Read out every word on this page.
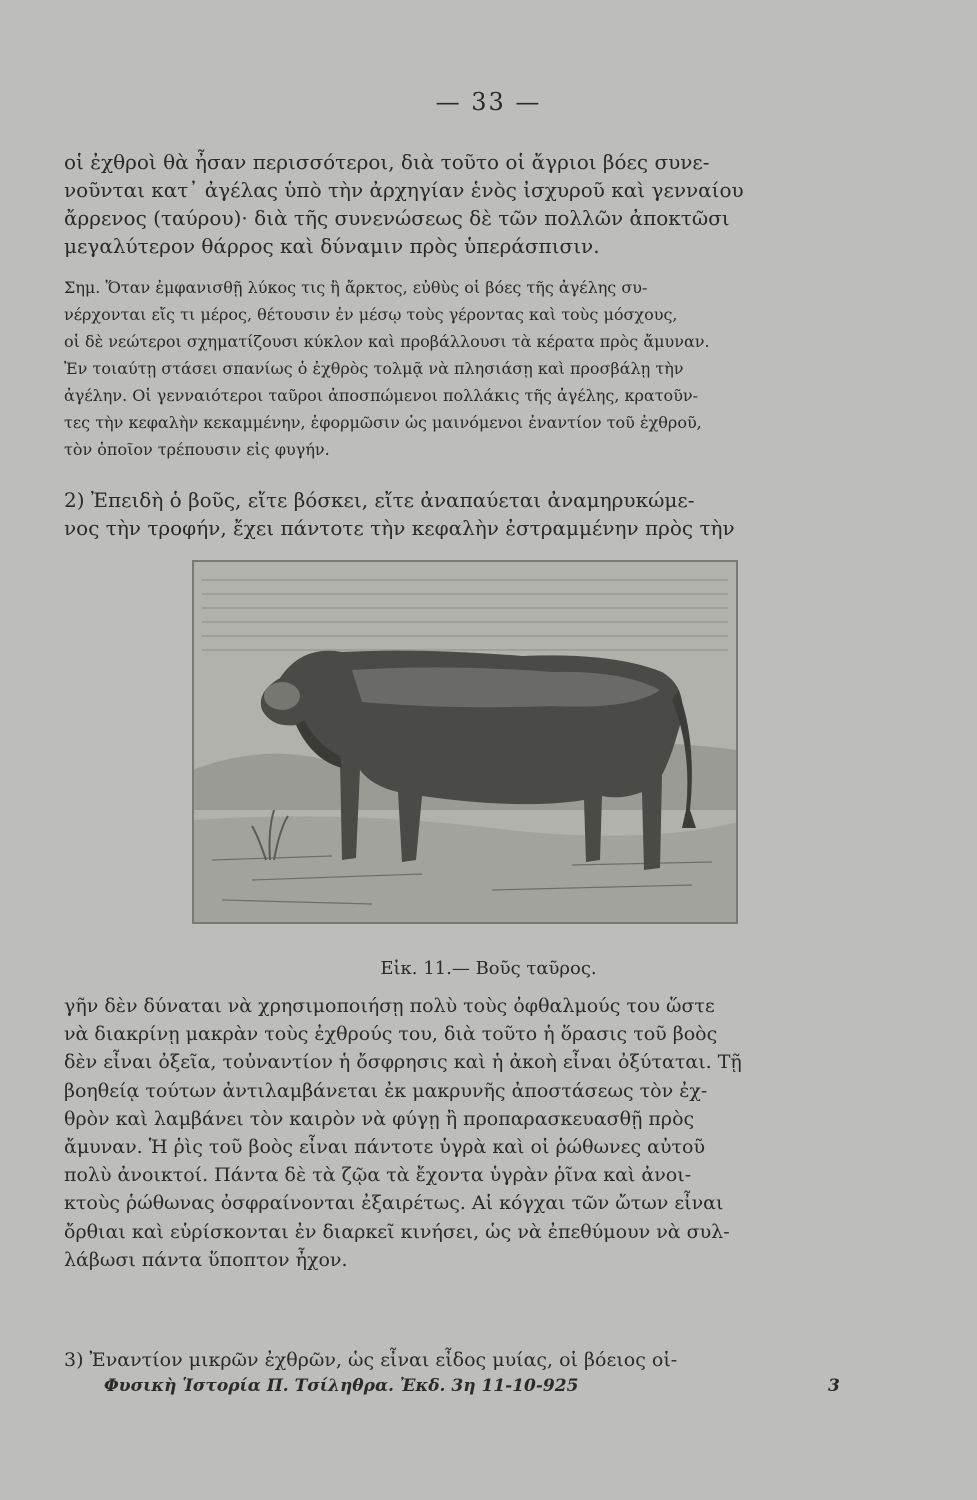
— 33 —
οἱ ἐχθροὶ θὰ ἦσαν περισσότεροι, διὰ τοῦτο οἱ ἄγριοι βόες συνε-
νοῦνται κατ᾽ ἀγέλας ὑπὸ τὴν ἀρχηγίαν ἑνὸς ἰσχυροῦ καὶ γενναίου
ἄρρενος (ταύρου)· διὰ τῆς συνενώσεως δὲ τῶν πολλῶν ἀποκτῶσι
μεγαλύτερον θάρρος καὶ δύναμιν πρὸς ὑπεράσπισιν.
Σημ. Ὅταν ἐμφανισθῇ λύκος τις ἢ ἄρκτος, εὐθὺς οἱ βόες τῆς ἀγέλης συ-
νέρχονται εἴς τι μέρος, θέτουσιν ἐν μέσῳ τοὺς γέροντας καὶ τοὺς μόσχους,
οἱ δὲ νεώτεροι σχηματίζουσι κύκλον καὶ προβάλλουσι τὰ κέρατα πρὸς ἄμυναν.
Ἐν τοιαύτῃ στάσει σπανίως ὁ ἐχθρὸς τολμᾷ νὰ πλησιάσῃ καὶ προσβάλῃ τὴν
ἀγέλην. Οἱ γενναιότεροι ταῦροι ἀποσπώμενοι πολλάκις τῆς ἀγέλης, κρατοῦν-
τες τὴν κεφαλὴν κεκαμμένην, ἐφορμῶσιν ὡς μαινόμενοι ἐναντίον τοῦ ἐχθροῦ,
τὸν ὁποῖον τρέπουσιν εἰς φυγήν.
2) Ἐπειδὴ ὁ βοῦς, εἴτε βόσκει, εἴτε ἀναπαύεται ἀναμηρυκώμε-
νος τὴν τροφήν, ἔχει πάντοτε τὴν κεφαλὴν ἐστραμμένην πρὸς τὴν
Εἰκ. 11.— Βοῦς ταῦρος.
γῆν δὲν δύναται νὰ χρησιμοποιήσῃ πολὺ τοὺς ὀφθαλμούς του ὥστε
νὰ διακρίνῃ μακρὰν τοὺς ἐχθρούς του, διὰ τοῦτο ἡ ὅρασις τοῦ βοὸς
δὲν εἶναι ὀξεῖα, τοὐναντίον ἡ ὄσφρησις καὶ ἡ ἀκοὴ εἶναι ὀξύταται. Τῇ
βοηθείᾳ τούτων ἀντιλαμβάνεται ἐκ μακρυνῆς ἀποστάσεως τὸν ἐχ-
θρὸν καὶ λαμβάνει τὸν καιρὸν νὰ φύγῃ ἢ προπαρασκευασθῇ πρὸς
ἄμυναν. Ἡ ῥὶς τοῦ βοὸς εἶναι πάντοτε ὑγρὰ καὶ οἱ ῥώθωνες αὐτοῦ
πολὺ ἀνοικτοί. Πάντα δὲ τὰ ζῷα τὰ ἔχοντα ὑγρὰν ῥῖνα καὶ ἀνοι-
κτοὺς ῥώθωνας ὀσφραίνονται ἐξαιρέτως. Αἱ κόγχαι τῶν ὤτων εἶναι
ὄρθιαι καὶ εὑρίσκονται ἐν διαρκεῖ κινήσει, ὡς νὰ ἐπεθύμουν νὰ συλ-
λάβωσι πάντα ὕποπτον ἦχον.
3) Ἐναντίον μικρῶν ἐχθρῶν, ὡς εἶναι εἶδος μυίας, οἱ βόειος οἱ-
Φυσικὴ Ἱστορία Π. Τσίληθρα. Ἐκδ. 3η 11-10-925	3
